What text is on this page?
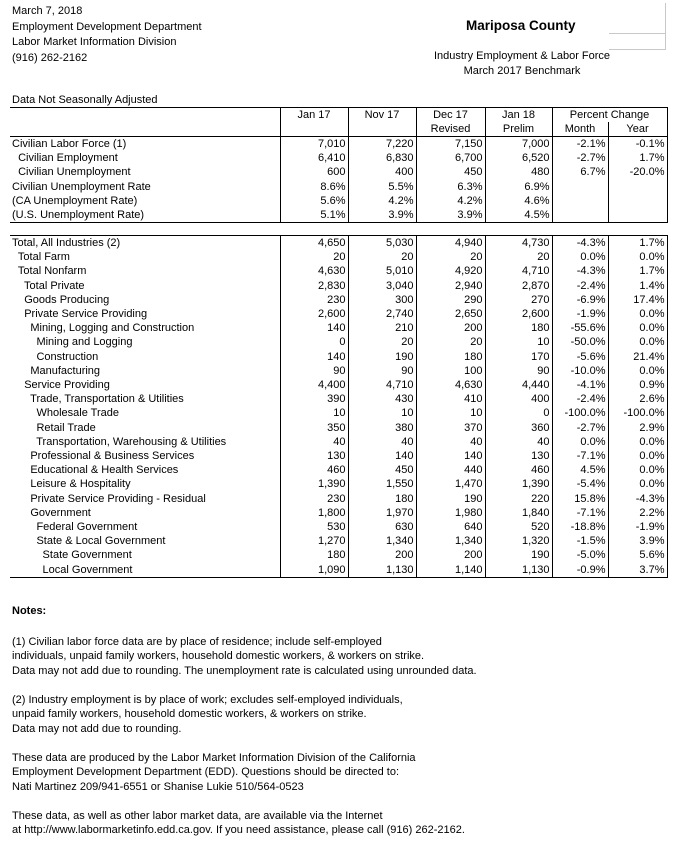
March 7, 2018
Employment Development Department
Labor Market Information Division
(916) 262-2162
Mariposa County
Industry Employment & Labor Force
March 2017 Benchmark
Data Not Seasonally Adjusted
	Jan 17	Nov 17	Dec 17	Jan 18	Percent Change	
			Revised	Prelim	Month	Year
Civilian Labor Force (1)	7,010	7,220	7,150	7,000	-2.1%	-0.1%
Civilian Employment	6,410	6,830	6,700	6,520	-2.7%	1.7%
Civilian Unemployment	600	400	450	480	6.7%	-20.0%
Civilian Unemployment Rate	8.6%	5.5%	6.3%	6.9%		
(CA Unemployment Rate)	5.6%	4.2%	4.2%	4.6%		
(U.S. Unemployment Rate)	5.1%	3.9%	3.9%	4.5%		
Total, All Industries (2)	4,650	5,030	4,940	4,730	-4.3%	1.7%
Total Farm	20	20	20	20	0.0%	0.0%
Total Nonfarm	4,630	5,010	4,920	4,710	-4.3%	1.7%
Total Private	2,830	3,040	2,940	2,870	-2.4%	1.4%
Goods Producing	230	300	290	270	-6.9%	17.4%
Private Service Providing	2,600	2,740	2,650	2,600	-1.9%	0.0%
Mining, Logging and Construction	140	210	200	180	-55.6%	0.0%
Mining and Logging	0	20	20	10	-50.0%	0.0%
Construction	140	190	180	170	-5.6%	21.4%
Manufacturing	90	90	100	90	-10.0%	0.0%
Service Providing	4,400	4,710	4,630	4,440	-4.1%	0.9%
Trade, Transportation & Utilities	390	430	410	400	-2.4%	2.6%
Wholesale Trade	10	10	10	0	-100.0%	-100.0%
Retail Trade	350	380	370	360	-2.7%	2.9%
Transportation, Warehousing & Utilities	40	40	40	40	0.0%	0.0%
Professional & Business Services	130	140	140	130	-7.1%	0.0%
Educational & Health Services	460	450	440	460	4.5%	0.0%
Leisure & Hospitality	1,390	1,550	1,470	1,390	-5.4%	0.0%
Private Service Providing - Residual	230	180	190	220	15.8%	-4.3%
Government	1,800	1,970	1,980	1,840	-7.1%	2.2%
Federal Government	530	630	640	520	-18.8%	-1.9%
State & Local Government	1,270	1,340	1,340	1,320	-1.5%	3.9%
State Government	180	200	200	190	-5.0%	5.6%
Local Government	1,090	1,130	1,140	1,130	-0.9%	3.7%
Notes:

(1) Civilian labor force data are by place of residence; include self-employed
individuals, unpaid family workers, household domestic workers, & workers on strike.
Data may not add due to rounding. The unemployment rate is calculated using unrounded data.

(2) Industry employment is by place of work; excludes self-employed individuals,
unpaid family workers, household domestic workers, & workers on strike.
Data may not add due to rounding.

These data are produced by the Labor Market Information Division of the California
Employment Development Department (EDD). Questions should be directed to:
Nati Martinez 209/941-6551 or Shanise Lukie 510/564-0523

These data, as well as other labor market data, are available via the Internet
at http://www.labormarketinfo.edd.ca.gov. If you need assistance, please call (916) 262-2162.
